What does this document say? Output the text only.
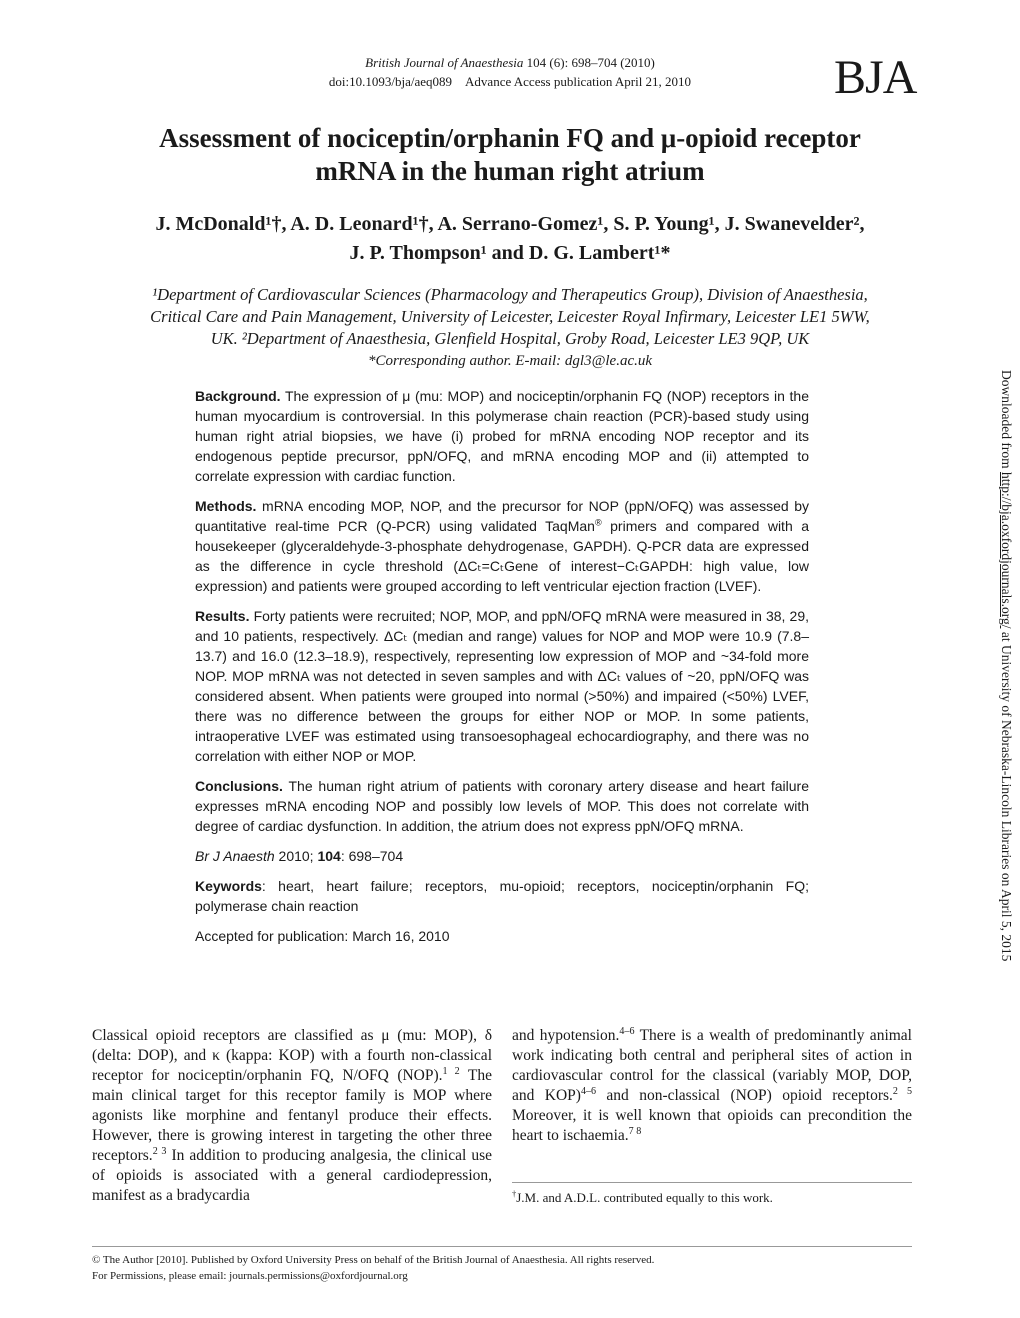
British Journal of Anaesthesia 104 (6): 698–704 (2010)
doi:10.1093/bja/aeq089 Advance Access publication April 21, 2010	BJA
Assessment of nociceptin/orphanin FQ and μ-opioid receptor
mRNA in the human right atrium
J. McDonald¹†, A. D. Leonard¹†, A. Serrano-Gomez¹, S. P. Young¹, J. Swanevelder²,
J. P. Thompson¹ and D. G. Lambert¹*
¹Department of Cardiovascular Sciences (Pharmacology and Therapeutics Group), Division of Anaesthesia,
Critical Care and Pain Management, University of Leicester, Leicester Royal Infirmary, Leicester LE1 5WW,
UK. ²Department of Anaesthesia, Glenfield Hospital, Groby Road, Leicester LE3 9QP, UK
*Corresponding author. E-mail: dgl3@le.ac.uk

Background. The expression of μ (mu: MOP) and nociceptin/orphanin FQ (NOP) receptors in the human myocardium is controversial. In this polymerase chain reaction (PCR)-based study using human right atrial biopsies, we have (i) probed for mRNA encoding NOP receptor and its endogenous peptide precursor, ppN/OFQ, and mRNA encoding MOP and (ii) attempted to correlate expression with cardiac function.

Methods. mRNA encoding MOP, NOP, and the precursor for NOP (ppN/OFQ) was assessed by quantitative real-time PCR (Q-PCR) using validated TaqMan® primers and compared with a housekeeper (glyceraldehyde-3-phosphate dehydrogenase, GAPDH). Q-PCR data are expressed as the difference in cycle threshold (ΔCₜ=CₜGene of interest−CₜGAPDH: high value, low expression) and patients were grouped according to left ventricular ejection fraction (LVEF).

Results. Forty patients were recruited; NOP, MOP, and ppN/OFQ mRNA were measured in 38, 29, and 10 patients, respectively. ΔCₜ (median and range) values for NOP and MOP were 10.9 (7.8–13.7) and 16.0 (12.3–18.9), respectively, representing low expression of MOP and ~34-fold more NOP. MOP mRNA was not detected in seven samples and with ΔCₜ values of ~20, ppN/OFQ was considered absent. When patients were grouped into normal (>50%) and impaired (<50%) LVEF, there was no difference between the groups for either NOP or MOP. In some patients, intraoperative LVEF was estimated using transoesophageal echocardiography, and there was no correlation with either NOP or MOP.

Conclusions. The human right atrium of patients with coronary artery disease and heart failure expresses mRNA encoding NOP and possibly low levels of MOP. This does not correlate with degree of cardiac dysfunction. In addition, the atrium does not express ppN/OFQ mRNA.

Br J Anaesth 2010; 104: 698–704

Keywords: heart, heart failure; receptors, mu-opioid; receptors, nociceptin/orphanin FQ; polymerase chain reaction

Accepted for publication: March 16, 2010

Classical opioid receptors are classified as μ (mu: MOP), δ (delta: DOP), and κ (kappa: KOP) with a fourth non-classical receptor for nociceptin/orphanin FQ, N/OFQ (NOP).$^{1 2}$ The main clinical target for this receptor family is MOP where agonists like morphine and fentanyl produce their effects. However, there is growing interest in targeting the other three receptors.$^{2 3}$ In addition to producing analgesia, the clinical use of opioids is associated with a general cardiodepression, manifest as a bradycardia

and hypotension.$^{4-6}$ There is a wealth of predominantly animal work indicating both central and peripheral sites of action in cardiovascular control for the classical (variably MOP, DOP, and KOP)$^{4-6}$ and non-classical (NOP) opioid receptors.$^{2 5}$ Moreover, it is well known that opioids can precondition the heart to ischaemia.$^{7 8}$

†J.M. and A.D.L. contributed equally to this work.
© The Author [2010]. Published by Oxford University Press on behalf of the British Journal of Anaesthesia. All rights reserved.
For Permissions, please email: journals.permissions@oxfordjournal.org
Downloaded from http://bja.oxfordjournals.org/ at University of Nebraska-Lincoln Libraries on April 5, 2015
